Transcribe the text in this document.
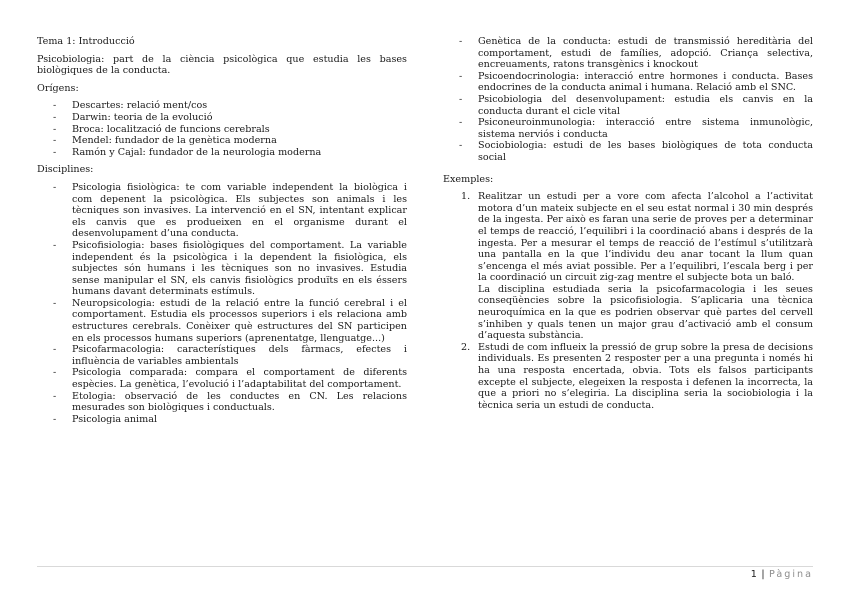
Tema 1: Introducció

Psicobiologia: part de la ciència psicològica que estudia les bases biològiques de la conducta.

Orígens:

- Descartes: relació ment/cos
- Darwin: teoria de la evolució
- Broca: localització de funcions cerebrals
- Mendel: fundador de la genètica moderna
- Ramón y Cajal: fundador de la neurologia moderna

Disciplines:

- Psicologia fisiològica: te com variable independent la biològica i com depenent la psicològica. Els subjectes son animals i les tècniques son invasives. La intervenció en el SN, intentant explicar els canvis que es produeixen en el organisme durant el desenvolupament d’una conducta.
- Psicofisiologia: bases fisiològiques del comportament. La variable independent és la psicològica i la dependent la fisiològica, els subjectes són humans i les tècniques son no invasives. Estudia sense manipular el SN, els canvis fisiològics produïts en els éssers humans davant determinats estímuls.
- Neuropsicologia: estudi de la relació entre la funció cerebral i el comportament. Estudia els processos superiors i els relaciona amb estructures cerebrals. Conèixer què estructures del SN participen en els processos humans superiors (aprenentatge, llenguatge...)
- Psicofarmacologia: característiques dels fàrmacs, efectes i influència de variables ambientals
- Psicologia comparada: compara el comportament de diferents espècies. La genètica, l’evolució i l’adaptabilitat del comportament.
- Etologia: observació de les conductes en CN. Les relacions mesurades son biològiques i conductuals.
- Psicologia animal
- Genètica de la conducta: estudi de transmissió hereditària del comportament, estudi de famílies, adopció. Criança selectiva, encreuaments, ratons transgènics i knockout
- Psicoendocrinologia: interacció entre hormones i conducta. Bases endocrines de la conducta animal i humana. Relació amb el SNC.
- Psicobiologia del desenvolupament: estudia els canvis en la conducta durant el cicle vital
- Psiconeuroinmunologia: interacció entre sistema inmunològic, sistema nerviós i conducta
- Sociobiologia: estudi de les bases biològiques de tota conducta social

Exemples:

1. Realitzar un estudi per a vore com afecta l’alcohol a l’activitat motora d’un mateix subjecte en el seu estat normal i 30 min després de la ingesta. Per això es faran una serie de proves per a determinar el temps de reacció, l’equilibri i la coordinació abans i després de la ingesta. Per a mesurar el temps de reacció de l’estímul s’utilitzarà una pantalla en la que l’individu deu anar tocant la llum quan s’encenga el més aviat possible. Per a l’equilibri, l’escala berg i per la coordinació un circuit zig-zag mentre el subjecte bota un baló.
La disciplina estudiada seria la psicofarmacologia i les seues conseqüències sobre la psicofisiologia. S’aplicaria una tècnica neuroquímica en la que es podrien observar què partes del cervell s’inhiben y quals tenen un major grau d’activació amb el consum d’aquesta substància.
2. Estudi de com influeix la pressió de grup sobre la presa de decisions individuals. Es presenten 2 resposter per a una pregunta i només hi ha una resposta encertada, obvia. Tots els falsos participants excepte el subjecte, elegeixen la resposta i defenen la incorrecta, la que a priori no s’elegiria. La disciplina seria la sociobiologia i la tècnica seria un estudi de conducta.
1 | Pàgina
